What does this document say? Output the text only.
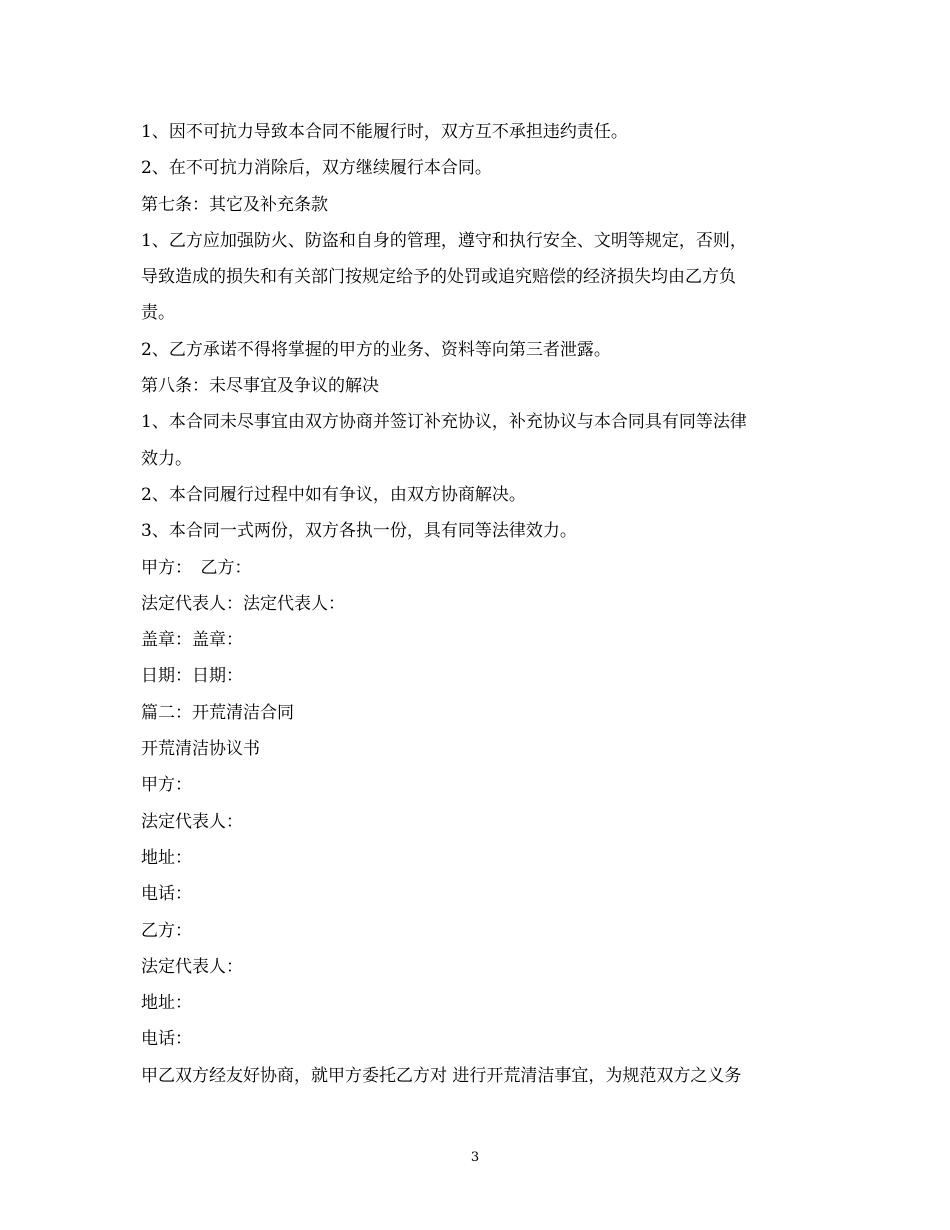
1、因不可抗力导致本合同不能履行时，双方互不承担违约责任。

2、在不可抗力消除后，双方继续履行本合同。

第七条：其它及补充条款

1、乙方应加强防火、防盗和自身的管理，遵守和执行安全、文明等规定，否则，

导致造成的损失和有关部门按规定给予的处罚或追究赔偿的经济损失均由乙方负

责。

2、乙方承诺不得将掌握的甲方的业务、资料等向第三者泄露。

第八条：未尽事宜及争议的解决

1、本合同未尽事宜由双方协商并签订补充协议，补充协议与本合同具有同等法律

效力。

2、本合同履行过程中如有争议，由双方协商解决。

3、本合同一式两份，双方各执一份，具有同等法律效力。

甲方：　乙方：

法定代表人：法定代表人：

盖章：盖章：

日期：日期：

篇二：开荒清洁合同

开荒清洁协议书

甲方：

法定代表人：

地址：

电话：

乙方：

法定代表人：

地址：

电话：

甲乙双方经友好协商，就甲方委托乙方对 进行开荒清洁事宜，为规范双方之义务

3
